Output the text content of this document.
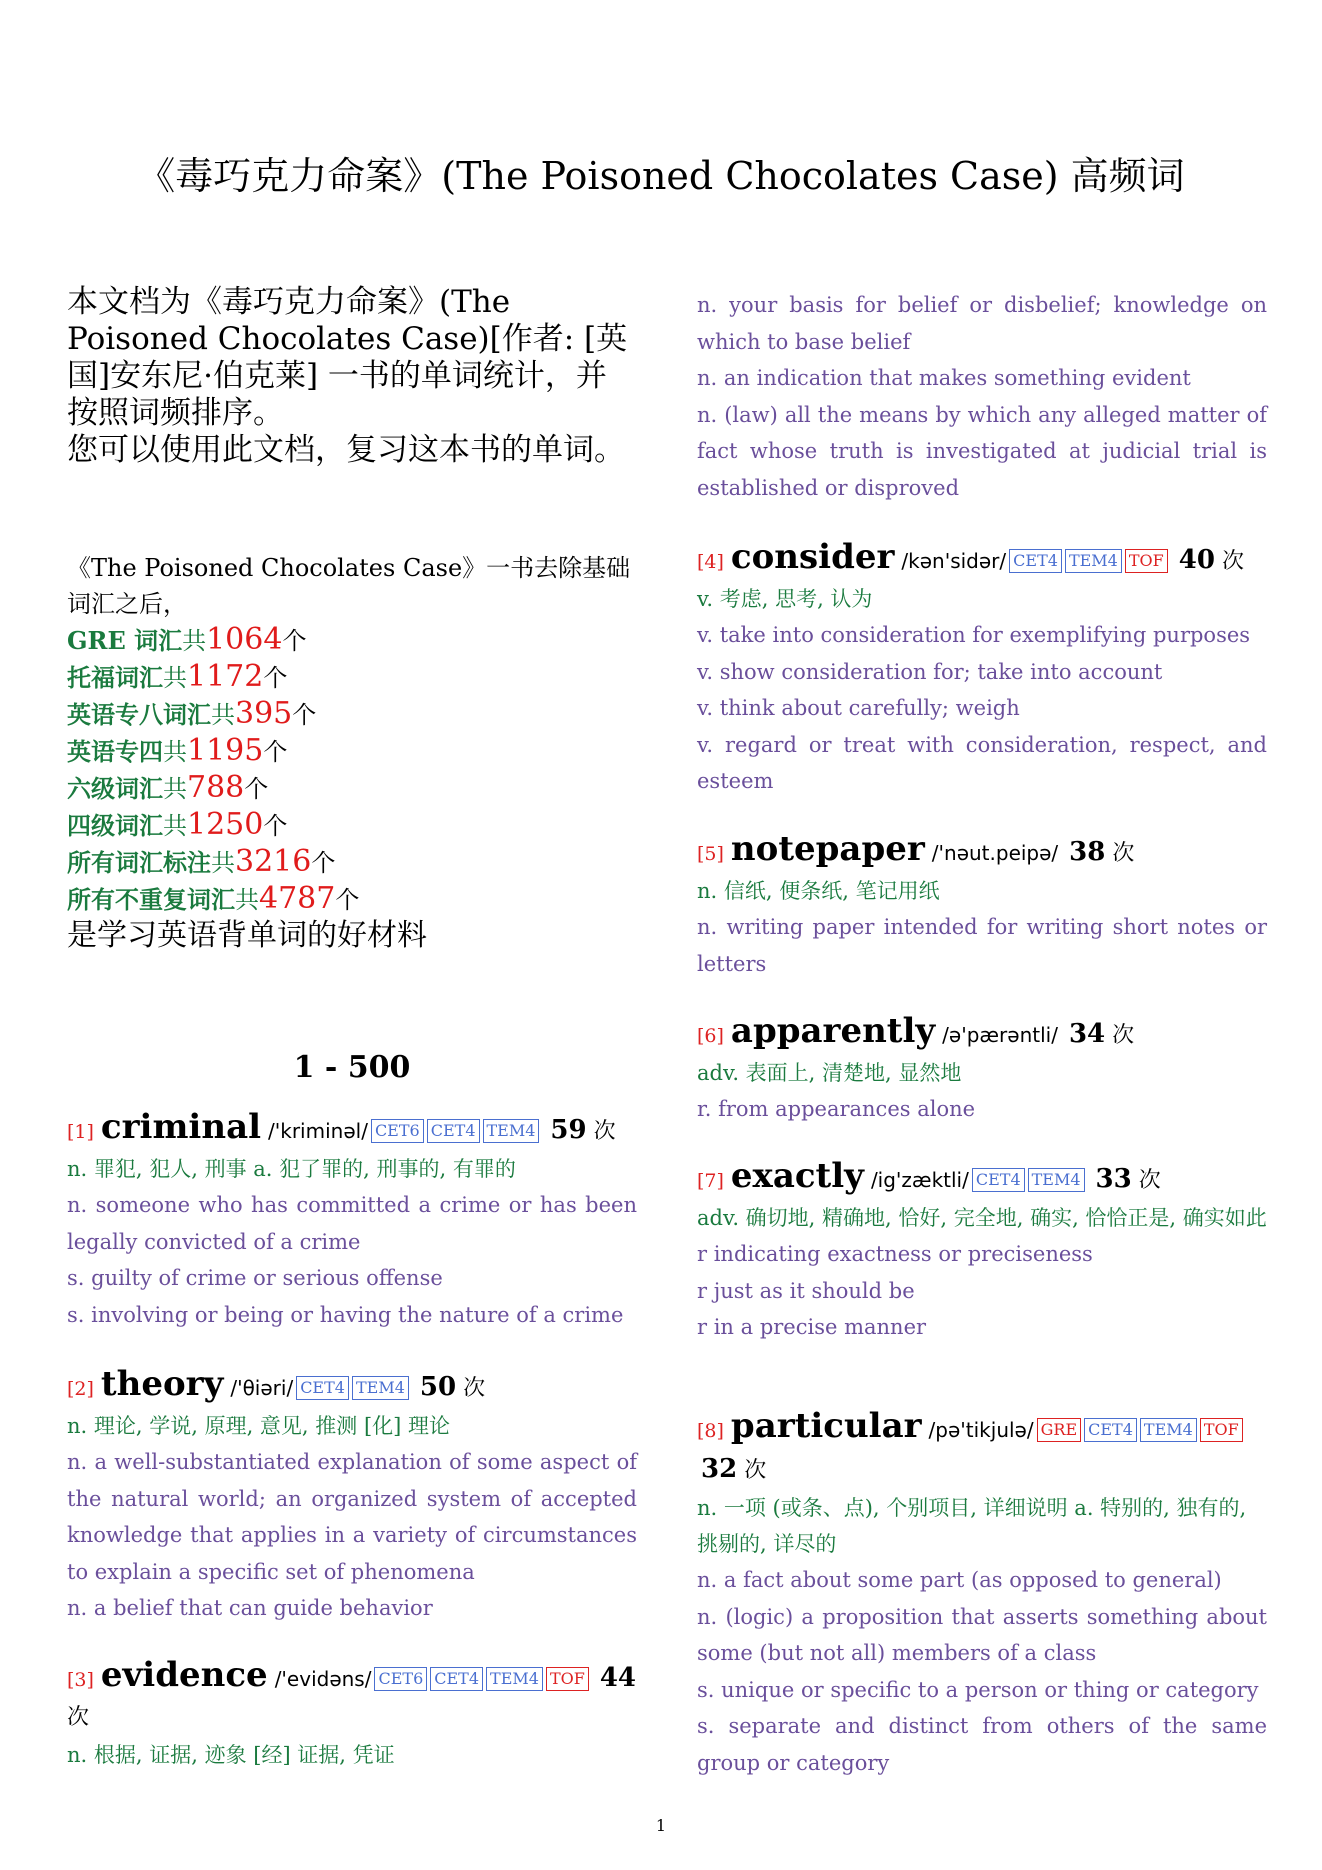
《毒巧克力命案》(The Poisoned Chocolates Case) 高频词
本文档为《毒巧克力命案》(The Poisoned Chocolates Case)[作者: [英国]安东尼·伯克莱] 一书的单词统计，并按照词频排序。
您可以使用此文档，复习这本书的单词。
《The Poisoned Chocolates Case》一书去除基础词汇之后，
GRE 词汇共1064个
托福词汇共1172个
英语专八词汇共395个
英语专四共1195个
六级词汇共788个
四级词汇共1250个
所有词汇标注共3216个
所有不重复词汇共4787个
是学习英语背单词的好材料
1 - 500
[1] criminal /'kriminəl/ CET6 CET4 TEM4 59 次
n. 罪犯, 犯人, 刑事 a. 犯了罪的, 刑事的, 有罪的
n. someone who has committed a crime or has been legally convicted of a crime
s. guilty of crime or serious offense
s. involving or being or having the nature of a crime
[2] theory /'θiəri/ CET4 TEM4 50 次
n. 理论, 学说, 原理, 意见, 推测 [化] 理论
n. a well-substantiated explanation of some aspect of the natural world; an organized system of accepted knowledge that applies in a variety of circumstances to explain a specific set of phenomena
n. a belief that can guide behavior
[3] evidence /'evidəns/ CET6 CET4 TEM4 TOF 44 次
n. 根据, 证据, 迹象 [经] 证据, 凭证
n. your basis for belief or disbelief; knowledge on which to base belief
n. an indication that makes something evident
n. (law) all the means by which any alleged matter of fact whose truth is investigated at judicial trial is established or disproved
[4] consider /kən'sidər/ CET4 TEM4 TOF 40 次
v. 考虑, 思考, 认为
v. take into consideration for exemplifying purposes
v. show consideration for; take into account
v. think about carefully; weigh
v. regard or treat with consideration, respect, and esteem
[5] notepaper /'nəut.peipə/ 38 次
n. 信纸, 便条纸, 笔记用纸
n. writing paper intended for writing short notes or letters
[6] apparently /ə'pærəntli/ 34 次
adv. 表面上, 清楚地, 显然地
r. from appearances alone
[7] exactly /ig'zæktli/ CET4 TEM4 33 次
adv. 确切地, 精确地, 恰好, 完全地, 确实, 恰恰正是, 确实如此
r indicating exactness or preciseness
r just as it should be
r in a precise manner
[8] particular /pə'tikjulə/ GRE CET4 TEM4 TOF 32 次
n. 一项 (或条、点), 个别项目, 详细说明 a. 特别的, 独有的, 挑剔的, 详尽的
n. a fact about some part (as opposed to general)
n. (logic) a proposition that asserts something about some (but not all) members of a class
s. unique or specific to a person or thing or category
s. separate and distinct from others of the same group or category
1
